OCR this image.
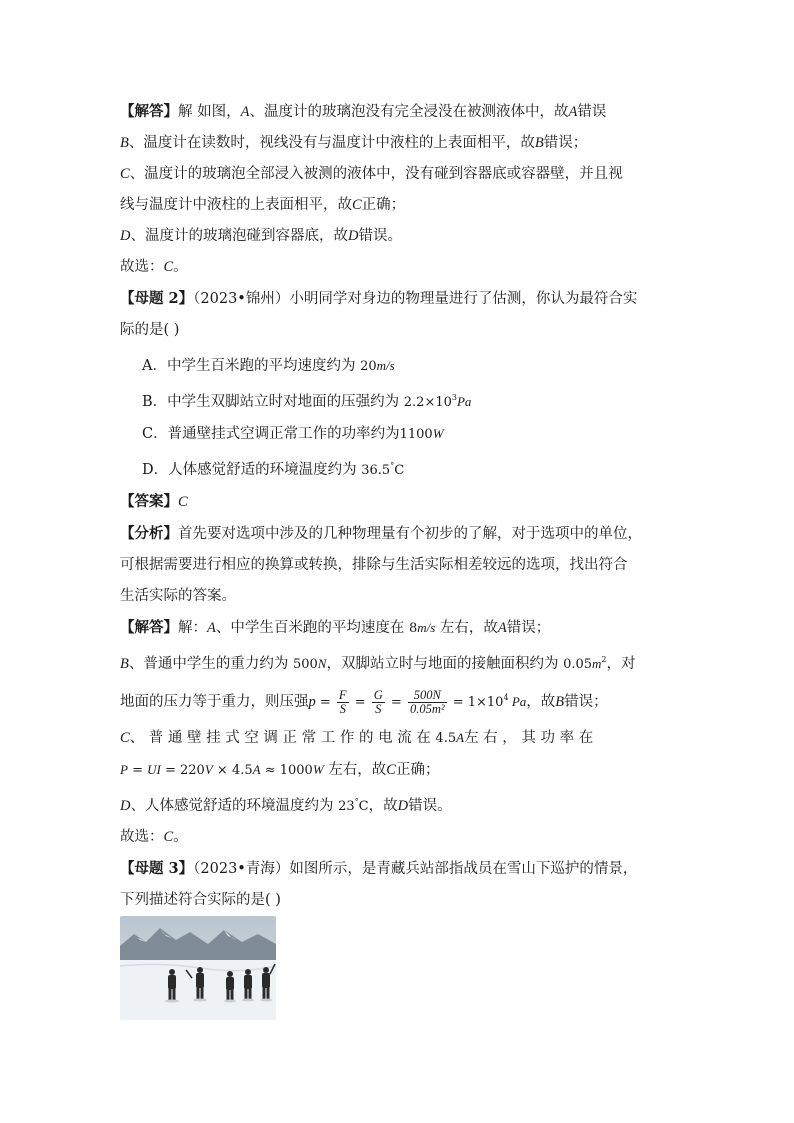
【解答】解 如图，A、温度计的玻璃泡没有完全浸没在被测液体中，故A错误

B、温度计在读数时，视线没有与温度计中液柱的上表面相平，故B错误；

C、温度计的玻璃泡全部浸入被测的液体中，没有碰到容器底或容器壁，并且视

线与温度计中液柱的上表面相平，故C正确；

D、温度计的玻璃泡碰到容器底，故D错误。

故选：C。

【母题 2】（2023•锦州）小明同学对身边的物理量进行了估测，你认为最符合实

际的是( )

A．中学生百米跑的平均速度约为 20m/s

B．中学生双脚站立时对地面的压强约为 $2.2\times 10^3Pa$

C．普通壁挂式空调正常工作的功率约为1100W

D．人体感觉舒适的环境温度约为 36.5°C

【答案】C

【分析】首先要对选项中涉及的几种物理量有个初步的了解，对于选项中的单位，

可根据需要进行相应的换算或转换，排除与生活实际相差较远的选项，找出符合

生活实际的答案。

【解答】解：A、中学生百米跑的平均速度在 8m/s 左右，故A错误；

B、普通中学生的重力约为 500N，双脚站立时与地面的接触面积约为 $0.05m^2$，对

地面的压力等于重力，则压强$p = \frac{F}{S} = \frac{G}{S} = \frac{500N}{\text{0.05m²}} = 1\times 10^4$ Pa，故B错误；

C、 普 通 壁 挂 式 空 调 正 常 工 作 的 电 流 在 4.5A左 右 ， 其 功 率 在

P = UI = 220V × 4.5A ≈ 1000W 左右，故C正确；

D、人体感觉舒适的环境温度约为 23°C，故D错误。

故选：C。

【母题 3】（2023•青海）如图所示，是青藏兵站部指战员在雪山下巡护的情景，

下列描述符合实际的是( )
